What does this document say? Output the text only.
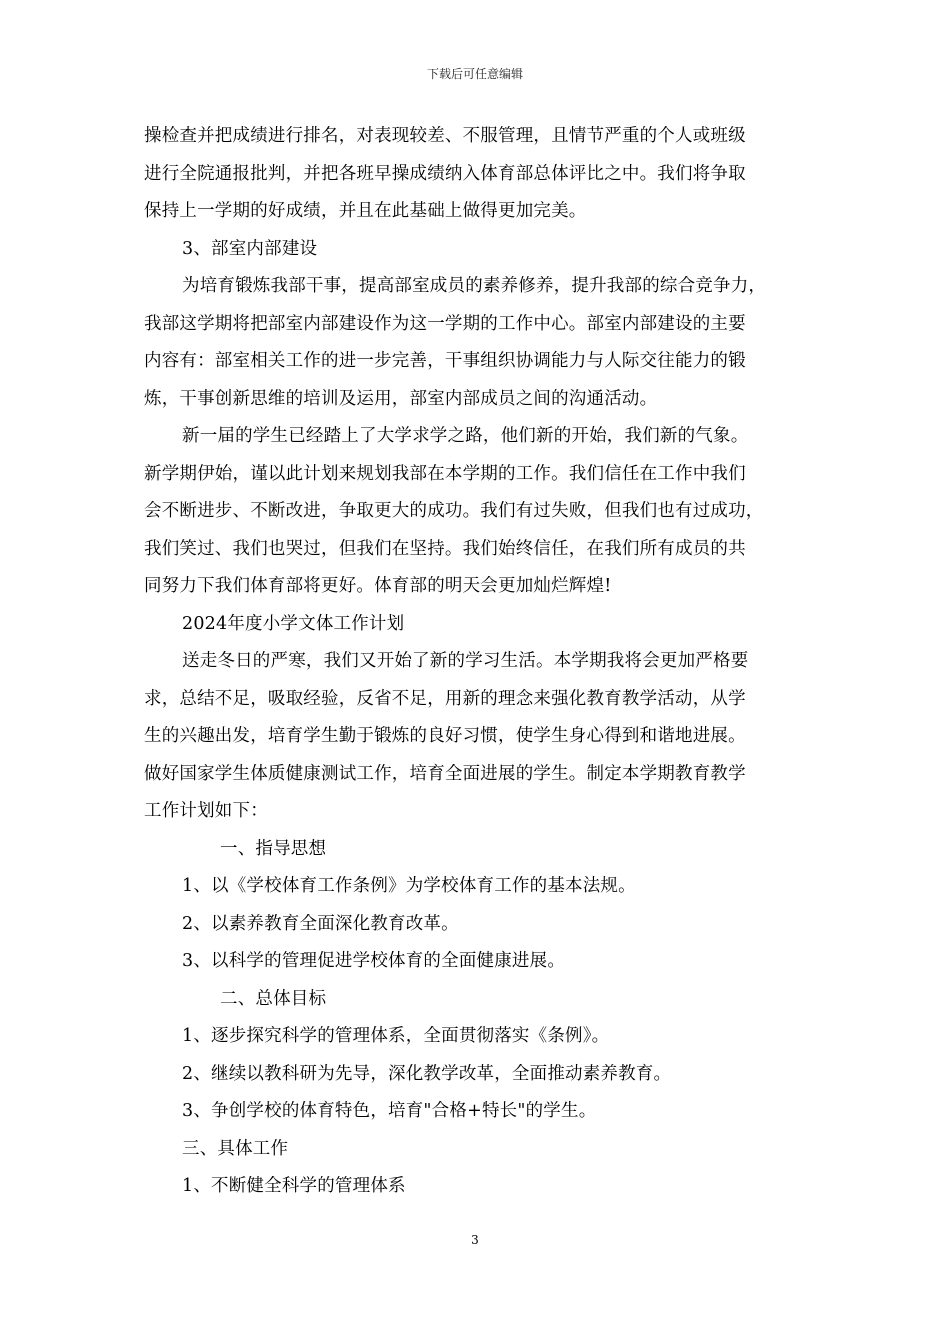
下载后可任意编辑
操检查并把成绩进行排名，对表现较差、不服管理，且情节严重的个人或班级
进行全院通报批判，并把各班早操成绩纳入体育部总体评比之中。我们将争取
保持上一学期的好成绩，并且在此基础上做得更加完美。
3、部室内部建设
为培育锻炼我部干事，提高部室成员的素养修养，提升我部的综合竞争力，
我部这学期将把部室内部建设作为这一学期的工作中心。部室内部建设的主要
内容有：部室相关工作的进一步完善，干事组织协调能力与人际交往能力的锻
炼，干事创新思维的培训及运用，部室内部成员之间的沟通活动。
新一届的学生已经踏上了大学求学之路，他们新的开始，我们新的气象。
新学期伊始，谨以此计划来规划我部在本学期的工作。我们信任在工作中我们
会不断进步、不断改进，争取更大的成功。我们有过失败，但我们也有过成功，
我们笑过、我们也哭过，但我们在坚持。我们始终信任，在我们所有成员的共
同努力下我们体育部将更好。体育部的明天会更加灿烂辉煌!
2024年度小学文体工作计划
送走冬日的严寒，我们又开始了新的学习生活。本学期我将会更加严格要
求，总结不足，吸取经验，反省不足，用新的理念来强化教育教学活动，从学
生的兴趣出发，培育学生勤于锻炼的良好习惯，使学生身心得到和谐地进展。
做好国家学生体质健康测试工作，培育全面进展的学生。制定本学期教育教学
工作计划如下：
一、指导思想
1、以《学校体育工作条例》为学校体育工作的基本法规。
2、以素养教育全面深化教育改革。
3、以科学的管理促进学校体育的全面健康进展。
二、总体目标
1、逐步探究科学的管理体系，全面贯彻落实《条例》。
2、继续以教科研为先导，深化教学改革，全面推动素养教育。
3、争创学校的体育特色，培育"合格+特长"的学生。
三、具体工作
1、不断健全科学的管理体系
3
